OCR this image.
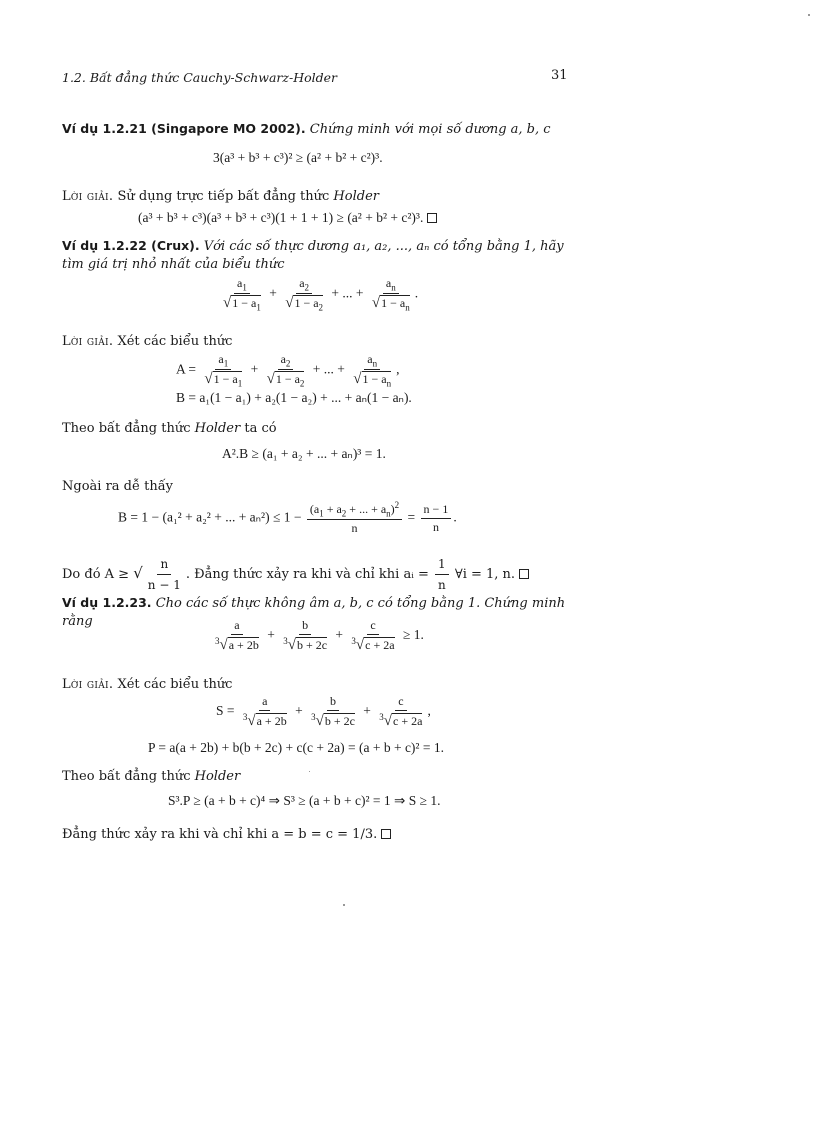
1.2. Bất đẳng thức Cauchy-Schwarz-Holder	31
Ví dụ 1.2.21 (Singapore MO 2002). Chứng minh với mọi số dương a, b, c
3(a³ + b³ + c³)² ≥ (a² + b² + c²)³.
Lời giải. Sử dụng trực tiếp bất đẳng thức Holder
(a³ + b³ + c³)(a³ + b³ + c³)(1 + 1 + 1) ≥ (a² + b² + c²)³.
Ví dụ 1.2.22 (Crux). Với các số thực dương a₁, a₂, ..., aₙ có tổng bằng 1, hãy tìm giá trị nhỏ nhất của biểu thức
$\frac{a_1}{√1 - a_1} + \frac{a_2}{√1 - a_2}$ + ... + $\frac{a_n}{√1 - a_n}$ .
Lời giải. Xét các biểu thức
$A = \frac{a_1}{√1 - a_1} + \frac{a_2}{√1 - a_2}$ + ... + $\frac{a_n}{√1 - a_n}$ ,
B = a₁(1 − a₁) + a₂(1 − a₂) + ... + aₙ(1 − aₙ).
Theo bất đẳng thức Holder ta có
A².B ≥ (a₁ + a₂ + ... + aₙ)³ = 1.
Ngoài ra dễ thấy
B = 1 − (a₁² + a₂² + ... + $a_n^2) \le 1 - \frac{(a_1 + a_2 + ... + a_n)^2}{n} = \frac{n - 1}{n}$ .
Do đó A ≥ √ $\frac{n}{n - 1}$ . Đẳng thức xảy ra khi và chỉ khi aᵢ = $\frac{1}{n}$ ∀i = 1, n.
Ví dụ 1.2.23. Cho các số thực không âm a, b, c có tổng bằng 1. Chứng minh rằng	$\frac{a}{^3√a + 2b} + \frac{b}{^3√b + 2c} + \frac{c}{^3√c + 2a} \ge 1$.
Lời giải. Xét các biểu thức
$S = \frac{a}{^3√a + 2b} + \frac{b}{^3√b + 2c} + \frac{c}{^3√c + 2a}$ ,
P = a(a + 2b) + b(b + 2c) + c(c + 2a) = (a + b + c)² = 1.
Theo bất đẳng thức Holder
S³.P ≥ (a + b + c)⁴ ⇒ S³ ≥ (a + b + c)² = 1 ⇒ S ≥ 1.
Đẳng thức xảy ra khi và chỉ khi a = b = c = 1/3.
